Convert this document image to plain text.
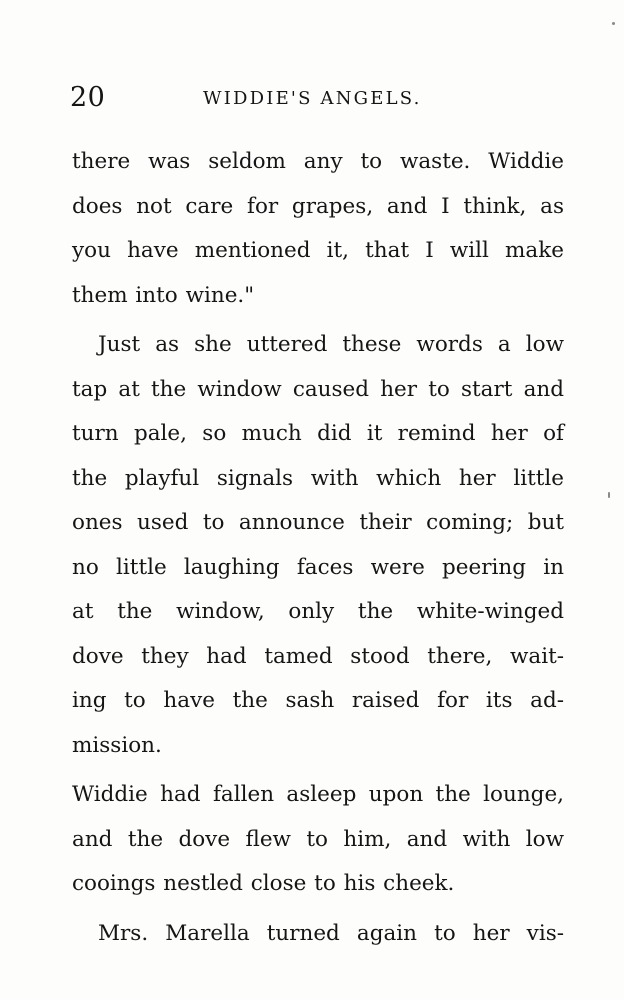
20	WIDDIE'S ANGELS.
there was seldom any to waste. Widdie
does not care for grapes, and I think, as
you have mentioned it, that I will make
them into wine."
Just as she uttered these words a low
tap at the window caused her to start and
turn pale, so much did it remind her of
the playful signals with which her little
ones used to announce their coming; but
no little laughing faces were peering in
at the window, only the white-winged
dove they had tamed stood there, wait-
ing to have the sash raised for its ad-
mission.
Widdie had fallen asleep upon the lounge,
and the dove flew to him, and with low
cooings nestled close to his cheek.
Mrs. Marella turned again to her vis-
